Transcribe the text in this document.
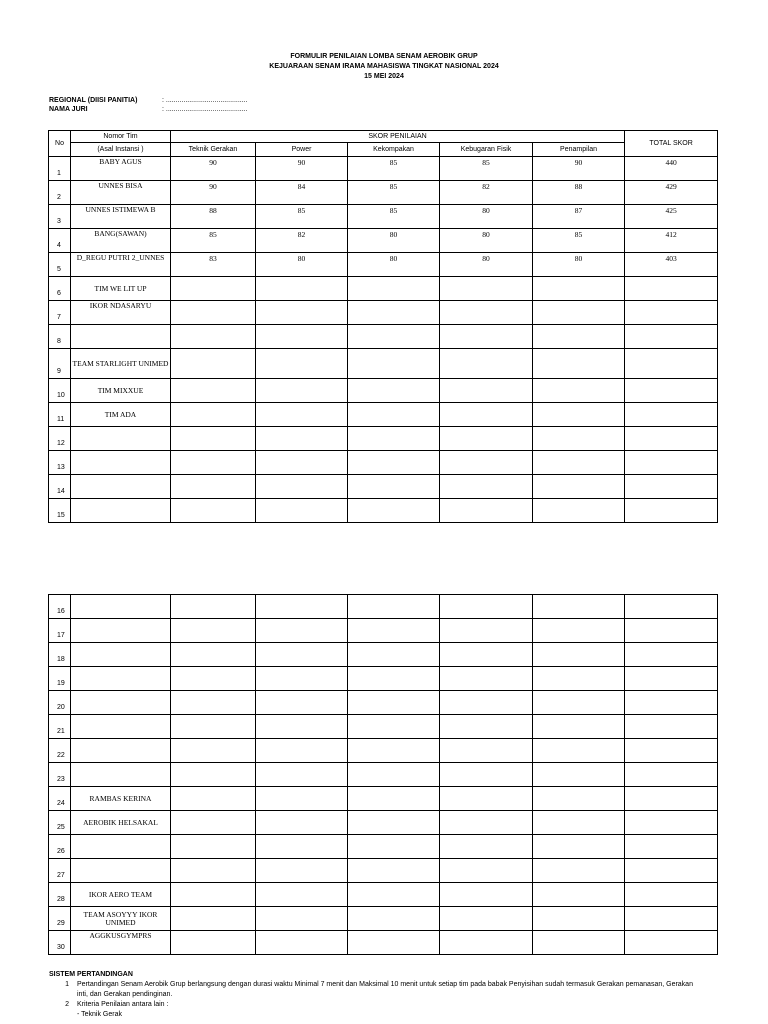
FORMULIR PENILAIAN LOMBA SENAM AEROBIK GRUP
KEJUARAAN SENAM IRAMA MAHASISWA TINGKAT NASIONAL 2024
15 MEI 2024
REGIONAL (DIISI PANITIA)	: ..........................................
NAMA JURI	: ..........................................
No	Nomor Tim	SKOR PENILAIAN					TOTAL SKOR
	(Asal Instansi )	Teknik Gerakan	Power	Kekompakan	Kebugaran Fisik	Penampilan	
1	BABY AGUS	90	90	85	85	90	440
2	UNNES BISA	90	84	85	82	88	429
3	UNNES ISTIMEWA B	88	85	85	80	87	425
4	BANG(SAWAN)	85	82	80	80	85	412
5	D_REGU PUTRI 2_UNNES	83	80	80	80	80	403
6	TIM WE LIT UP						
7	IKOR NDASARYU						
8							
9	TEAM STARLIGHT UNIMED						
10	TIM MIXXUE						
11	TIM ADA						
12							
13							
14							
15							
16							
17							
18							
19							
20							
21							
22							
23							
24	RAMBAS KERINA						
25	AEROBIK HELSAKAL						
26							
27							
28	IKOR AERO TEAM						
29	TEAM ASOYYY IKOR UNIMED						
30	AGGKUSGYMPRS						
SISTEM PERTANDINGAN
1	Pertandingan Senam Aerobik Grup berlangsung dengan durasi waktu Minimal 7 menit dan Maksimal 10 menit untuk setiap tim pada babak Penyisihan sudah termasuk Gerakan pemanasan, Gerakan inti, dan Gerakan pendinginan.
2	Kriteria Penilaian antara lain :
- Teknik Gerak
